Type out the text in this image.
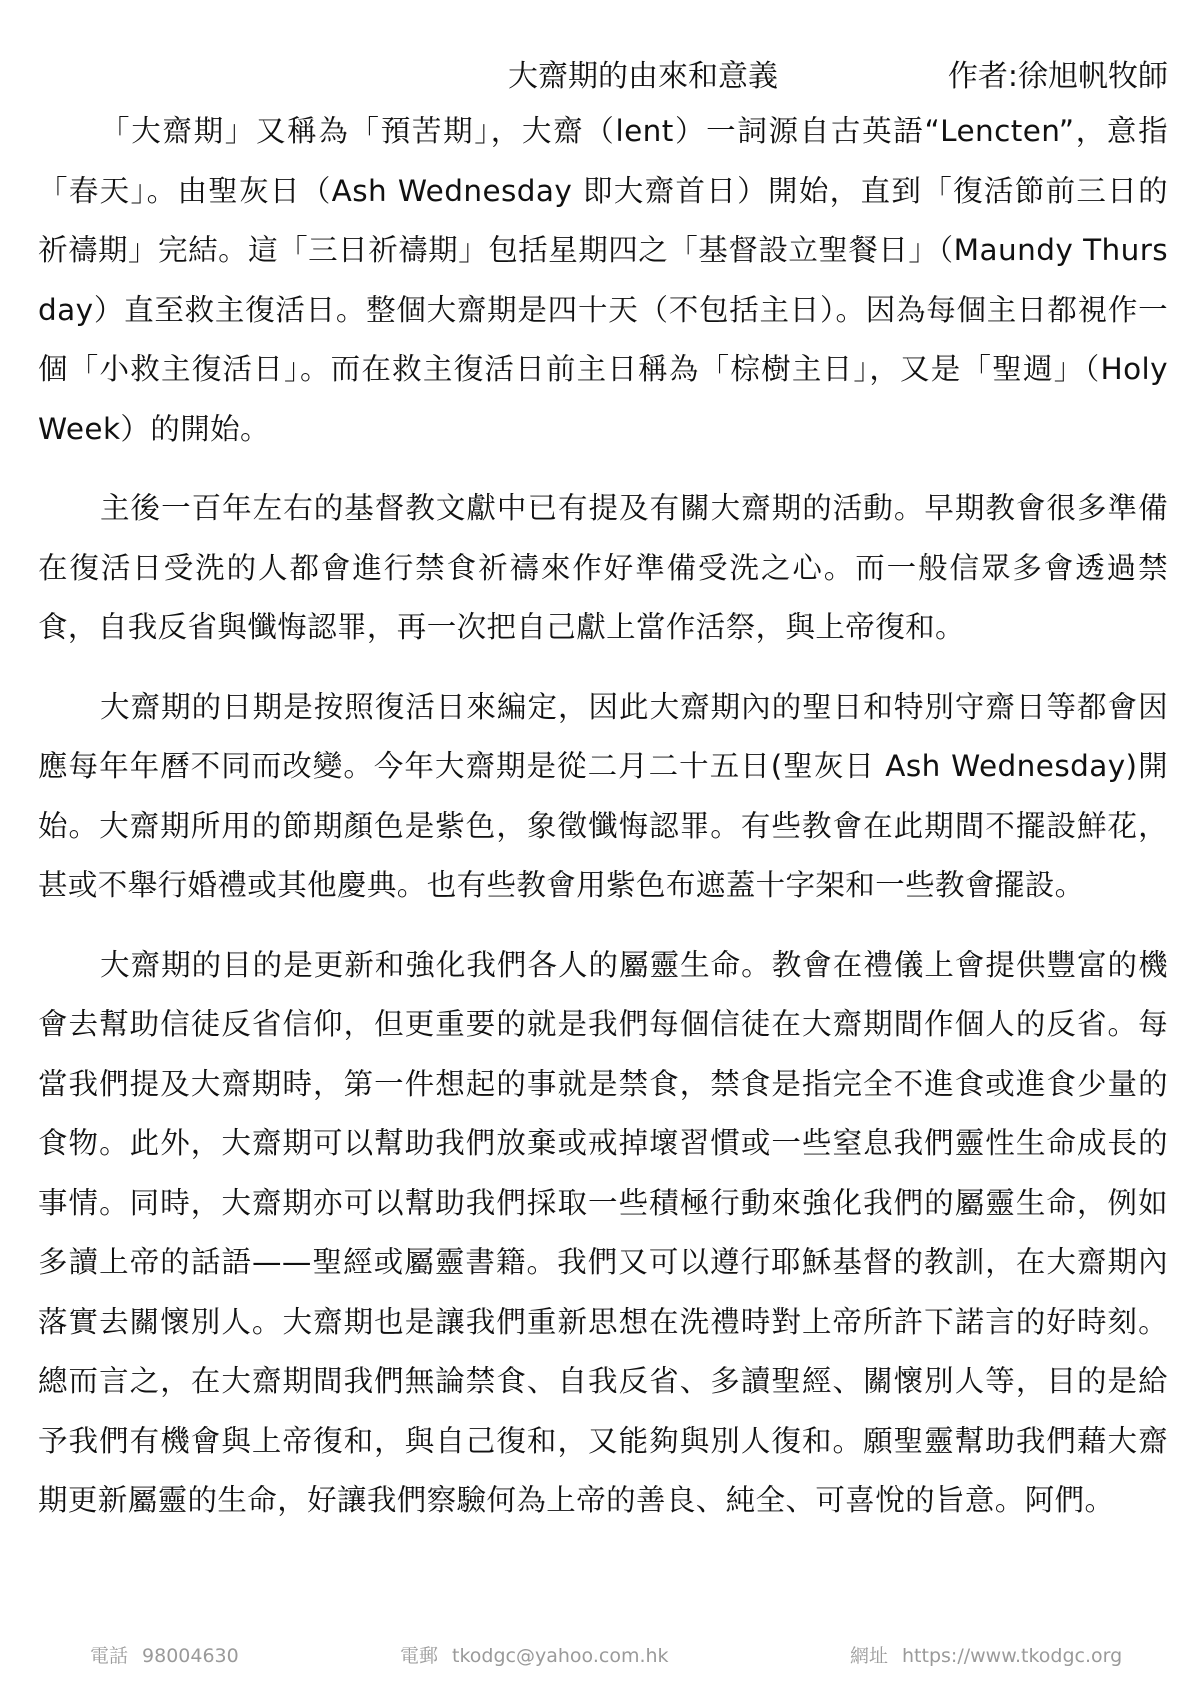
大齋期的由來和意義	作者:徐旭帆牧師

「大齋期」又稱為「預苦期」，大齋（lent）一詞源自古英語“Lencten”，意指「春天」。由聖灰日（Ash Wednesday 即大齋首日）開始，直到「復活節前三日的祈禱期」完結。這「三日祈禱期」包括星期四之「基督設立聖餐日」（Maundy Thursday）直至救主復活日。整個大齋期是四十天（不包括主日）。因為每個主日都視作一個「小救主復活日」。而在救主復活日前主日稱為「棕樹主日」，又是「聖週」（Holy Week）的開始。

主後一百年左右的基督教文獻中已有提及有關大齋期的活動。早期教會很多準備在復活日受洗的人都會進行禁食祈禱來作好準備受洗之心。而一般信眾多會透過禁食，自我反省與懺悔認罪，再一次把自己獻上當作活祭，與上帝復和。

大齋期的日期是按照復活日來編定，因此大齋期內的聖日和特別守齋日等都會因應每年年曆不同而改變。今年大齋期是從二月二十五日(聖灰日 Ash Wednesday)開始。大齋期所用的節期顏色是紫色，象徵懺悔認罪。有些教會在此期間不擺設鮮花，甚或不舉行婚禮或其他慶典。也有些教會用紫色布遮蓋十字架和一些教會擺設。

大齋期的目的是更新和強化我們各人的屬靈生命。教會在禮儀上會提供豐富的機會去幫助信徒反省信仰，但更重要的就是我們每個信徒在大齋期間作個人的反省。每當我們提及大齋期時，第一件想起的事就是禁食，禁食是指完全不進食或進食少量的食物。此外，大齋期可以幫助我們放棄或戒掉壞習慣或一些窒息我們靈性生命成長的事情。同時，大齋期亦可以幫助我們採取一些積極行動來強化我們的屬靈生命，例如多讀上帝的話語——聖經或屬靈書籍。我們又可以遵行耶穌基督的教訓，在大齋期內落實去關懷別人。大齋期也是讓我們重新思想在洗禮時對上帝所許下諾言的好時刻。總而言之，在大齋期間我們無論禁食、自我反省、多讀聖經、關懷別人等，目的是給予我們有機會與上帝復和，與自己復和，又能夠與別人復和。願聖靈幫助我們藉大齋期更新屬靈的生命，好讓我們察驗何為上帝的善良、純全、可喜悅的旨意。阿們。

電話 98004630	電郵 tkodgc@yahoo.com.hk	網址 https://www.tkodgc.org
